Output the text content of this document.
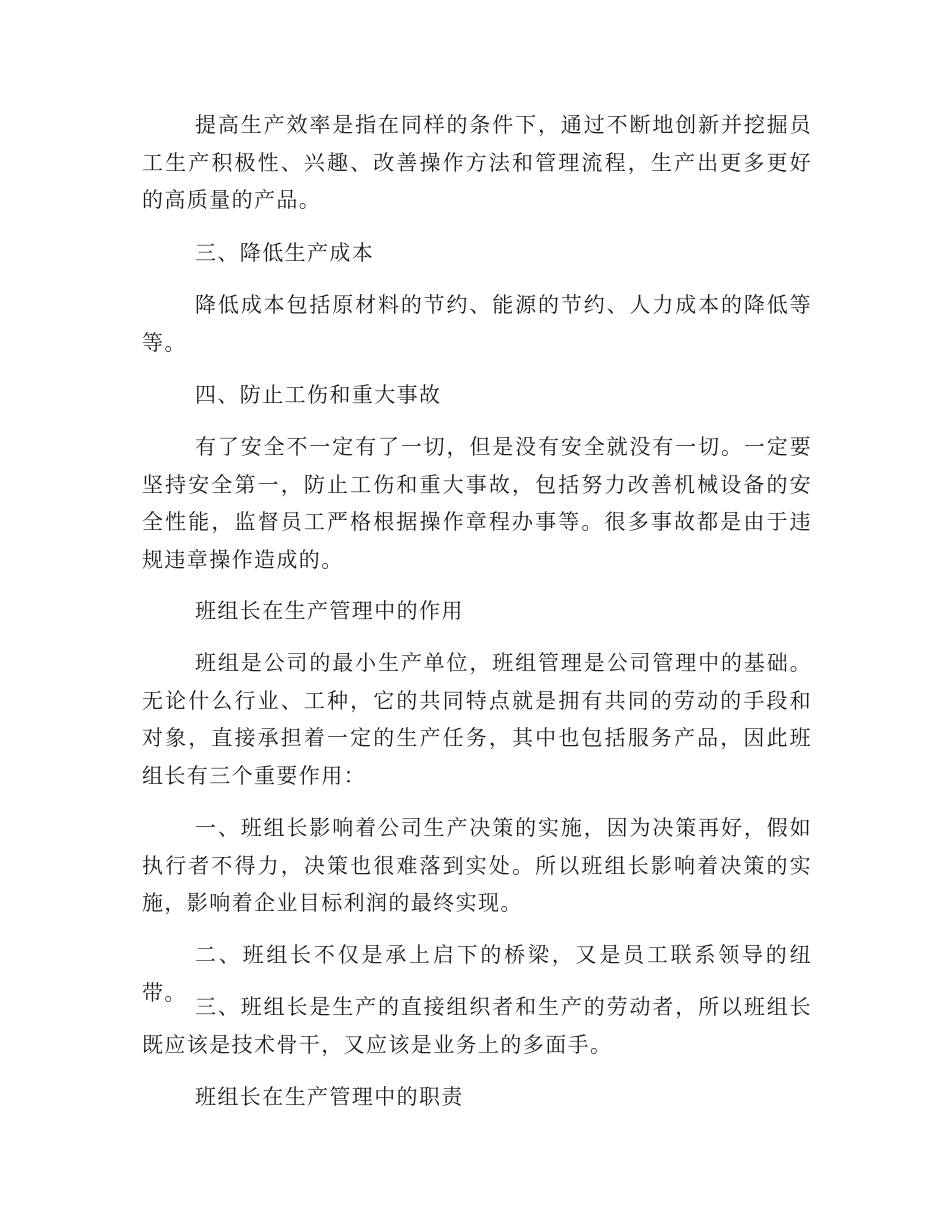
提高生产效率是指在同样的条件下，通过不断地创新并挖掘员工生产积极性、兴趣、改善操作方法和管理流程，生产出更多更好的高质量的产品。

三、降低生产成本

降低成本包括原材料的节约、能源的节约、人力成本的降低等等。

四、防止工伤和重大事故

有了安全不一定有了一切，但是没有安全就没有一切。一定要坚持安全第一，防止工伤和重大事故，包括努力改善机械设备的安全性能，监督员工严格根据操作章程办事等。很多事故都是由于违规违章操作造成的。

班组长在生产管理中的作用

班组是公司的最小生产单位，班组管理是公司管理中的基础。无论什么行业、工种，它的共同特点就是拥有共同的劳动的手段和对象，直接承担着一定的生产任务，其中也包括服务产品，因此班组长有三个重要作用：

一、班组长影响着公司生产决策的实施，因为决策再好，假如执行者不得力，决策也很难落到实处。所以班组长影响着决策的实施，影响着企业目标利润的最终实现。

二、班组长不仅是承上启下的桥梁，又是员工联系领导的纽带。

三、班组长是生产的直接组织者和生产的劳动者，所以班组长既应该是技术骨干，又应该是业务上的多面手。

班组长在生产管理中的职责
